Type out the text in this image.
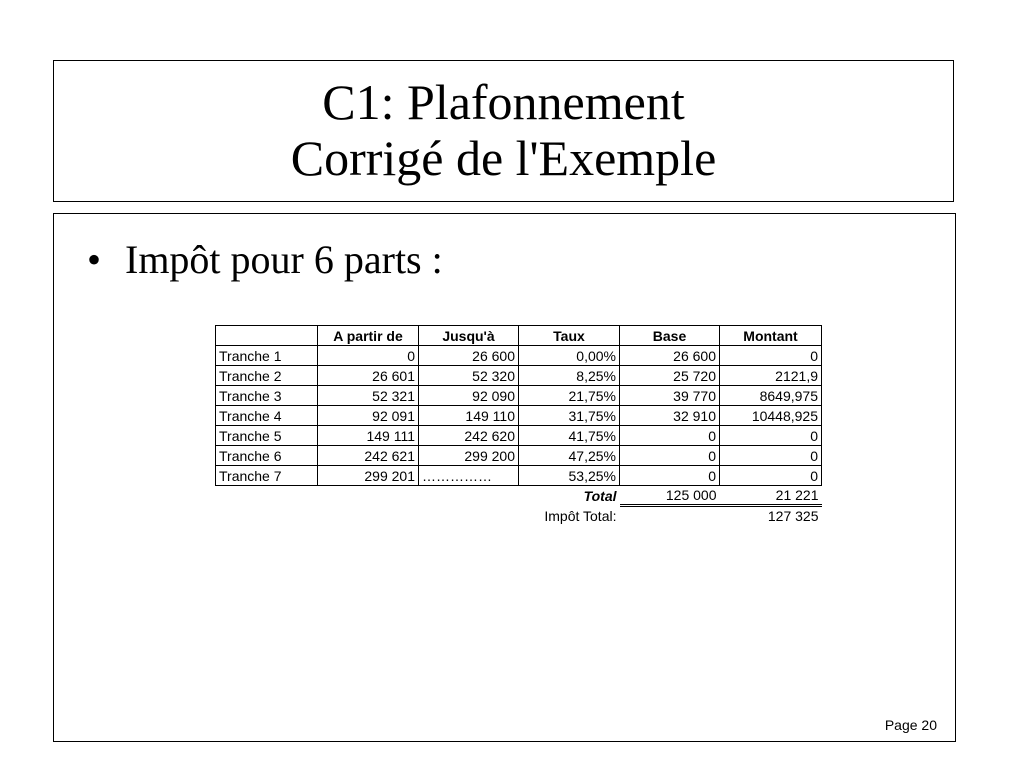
C1: Plafonnement
Corrigé de l'Exemple
• Impôt pour 6 parts :
	A partir de	Jusqu'à	Taux	Base	Montant
Tranche 1	0	26 600	0,00%	26 600	0
Tranche 2	26 601	52 320	8,25%	25 720	2121,9
Tranche 3	52 321	92 090	21,75%	39 770	8649,975
Tranche 4	92 091	149 110	31,75%	32 910	10448,925
Tranche 5	149 111	242 620	41,75%	0	0
Tranche 6	242 621	299 200	47,25%	0	0
Tranche 7	299 201	……………	53,25%	0	0
			Total	125 000	21 221
			Impôt Total:		127 325
Page 20
